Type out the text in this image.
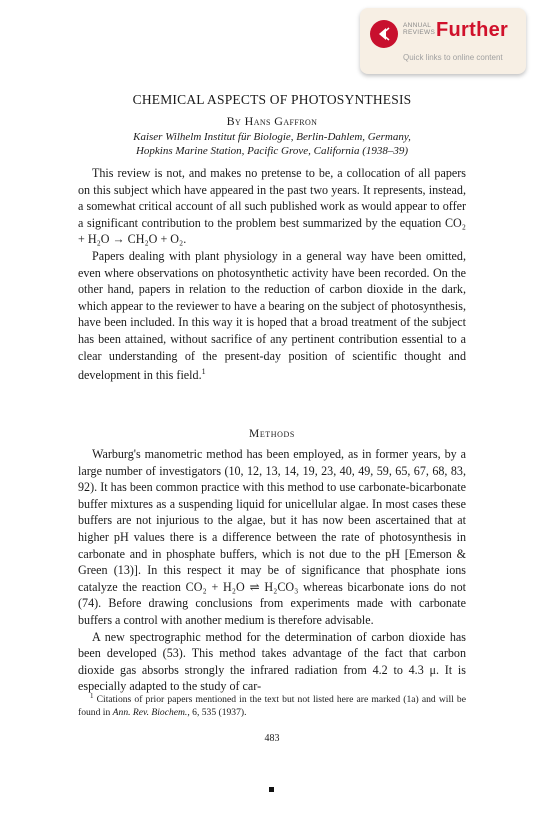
ANNUAL
REVIEWS Further
Quick links to online content
CHEMICAL ASPECTS OF PHOTOSYNTHESIS
By Hans Gaffron
Kaiser Wilhelm Institut für Biologie, Berlin-Dahlem, Germany,
Hopkins Marine Station, Pacific Grove, California (1938–39)

This review is not, and makes no pretense to be, a collocation of all papers on this subject which have appeared in the past two years. It represents, instead, a somewhat critical account of all such published work as would appear to offer a significant contribution to the problem best summarized by the equation CO₂ + H₂O → CH₂O + O₂.

Papers dealing with plant physiology in a general way have been omitted, even where observations on photosynthetic activity have been recorded. On the other hand, papers in relation to the reduction of carbon dioxide in the dark, which appear to the reviewer to have a bearing on the subject of photosynthesis, have been included. In this way it is hoped that a broad treatment of the subject has been attained, without sacrifice of any pertinent contribution essential to a clear understanding of the present-day position of scientific thought and development in this field.$^1$

Methods

Warburg's manometric method has been employed, as in former years, by a large number of investigators (10, 12, 13, 14, 19, 23, 40, 49, 59, 65, 67, 68, 83, 92). It has been common practice with this method to use carbonate-bicarbonate buffer mixtures as a suspending liquid for unicellular algae. In most cases these buffers are not injurious to the algae, but it has now been ascertained that at higher pH values there is a difference between the rate of photosynthesis in carbonate and in phosphate buffers, which is not due to the pH [Emerson & Green (13)]. In this respect it may be of significance that phosphate ions catalyze the reaction CO₂ + H₂O ⇌ H₂CO₃ whereas bicarbonate ions do not (74). Before drawing conclusions from experiments made with carbonate buffers a control with another medium is therefore advisable.

A new spectrographic method for the determination of carbon dioxide has been developed (53). This method takes advantage of the fact that carbon dioxide gas absorbs strongly the infrared radiation from 4.2 to 4.3 μ. It is especially adapted to the study of car-

$^1$ Citations of prior papers mentioned in the text but not listed here are marked (1a) and will be found in Ann. Rev. Biochem., 6, 535 (1937).

483
